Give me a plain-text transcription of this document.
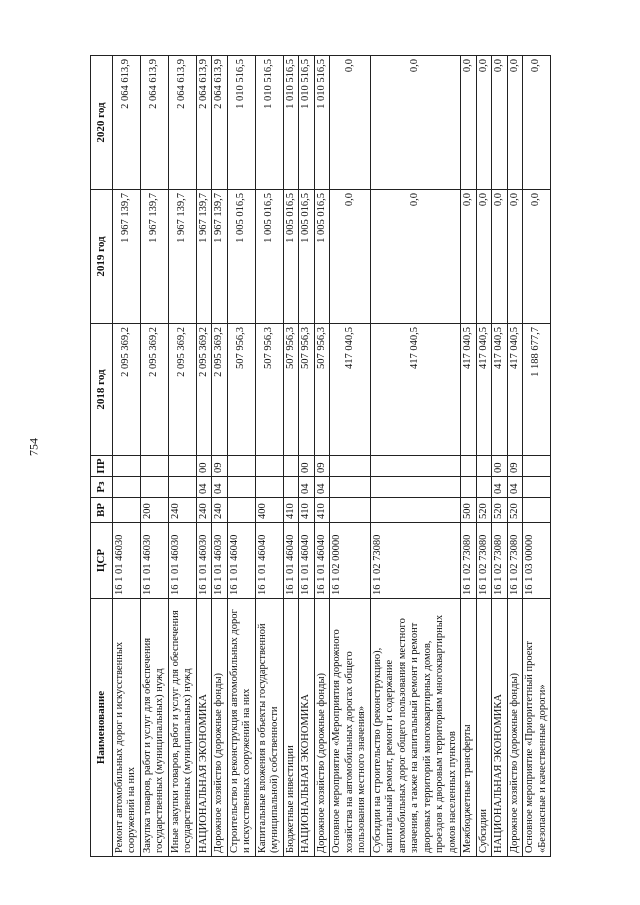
754
Наименование	ЦСР	ВР	Рз	ПР	2018 год	2019 год	2020 год
Ремонт автомобильных дорог и искусственных сооружений на них	16 1 01 46030				2 095 369,2	1 967 139,7	2 064 613,9
Закупка товаров, работ и услуг для обеспечения государственных (муниципальных) нужд	16 1 01 46030	200			2 095 369,2	1 967 139,7	2 064 613,9
Иные закупки товаров, работ и услуг для обеспечения государственных (муниципальных) нужд	16 1 01 46030	240			2 095 369,2	1 967 139,7	2 064 613,9
НАЦИОНАЛЬНАЯ ЭКОНОМИКА	16 1 01 46030	240	04	00	2 095 369,2	1 967 139,7	2 064 613,9
Дорожное хозяйство (дорожные фонды)	16 1 01 46030	240	04	09	2 095 369,2	1 967 139,7	2 064 613,9
Строительство и реконструкция автомобильных дорог и искусственных сооружений на них	16 1 01 46040				507 956,3	1 005 016,5	1 010 516,5
Капитальные вложения в объекты государственной (муниципальной) собственности	16 1 01 46040	400			507 956,3	1 005 016,5	1 010 516,5
Бюджетные инвестиции	16 1 01 46040	410			507 956,3	1 005 016,5	1 010 516,5
НАЦИОНАЛЬНАЯ ЭКОНОМИКА	16 1 01 46040	410	04	00	507 956,3	1 005 016,5	1 010 516,5
Дорожное хозяйство (дорожные фонды)	16 1 01 46040	410	04	09	507 956,3	1 005 016,5	1 010 516,5
Основное мероприятие «Мероприятия дорожного хозяйства на автомобильных дорогах общего пользования местного значения»	16 1 02 00000				417 040,5	0,0	0,0
Субсидии на строительство (реконструкцию), капитальный ремонт, ремонт и содержание автомобильных дорог общего пользования местного значения, а также на капитальный ремонт и ремонт дворовых территорий многоквартирных домов, проездов к дворовым территориям многоквартирных домов населенных пунктов	16 1 02 73080				417 040,5	0,0	0,0
Межбюджетные трансферты	16 1 02 73080	500			417 040,5	0,0	0,0
Субсидии	16 1 02 73080	520			417 040,5	0,0	0,0
НАЦИОНАЛЬНАЯ ЭКОНОМИКА	16 1 02 73080	520	04	00	417 040,5	0,0	0,0
Дорожное хозяйство (дорожные фонды)	16 1 02 73080	520	04	09	417 040,5	0,0	0,0
Основное мероприятие «Приоритетный проект «Безопасные и качественные дороги»	16 1 03 00000				1 188 677,7	0,0	0,0
